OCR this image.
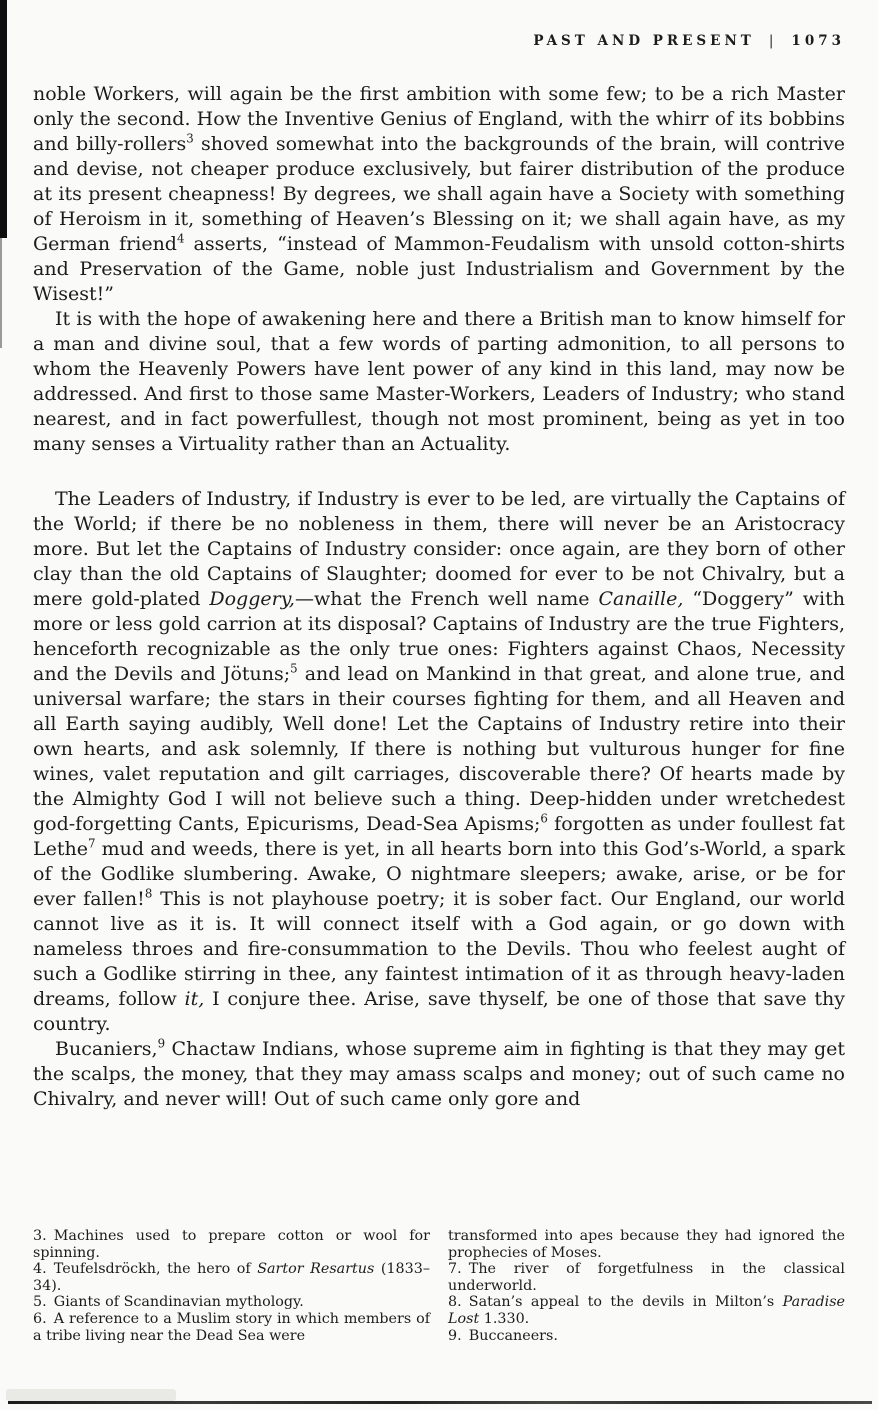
PAST AND PRESENT | 1073

noble Workers, will again be the first ambition with some few; to be a rich Master only the second. How the Inventive Genius of England, with the whirr of its bobbins and billy-rollers$^3$ shoved somewhat into the backgrounds of the brain, will contrive and devise, not cheaper produce exclusively, but fairer distribution of the produce at its present cheapness! By degrees, we shall again have a Society with something of Heroism in it, something of Heaven’s Blessing on it; we shall again have, as my German friend$^4$ asserts, “instead of Mammon-Feudalism with unsold cotton-shirts and Preservation of the Game, noble just Industrialism and Government by the Wisest!”

It is with the hope of awakening here and there a British man to know himself for a man and divine soul, that a few words of parting admonition, to all persons to whom the Heavenly Powers have lent power of any kind in this land, may now be addressed. And first to those same Master-Workers, Leaders of Industry; who stand nearest, and in fact powerfullest, though not most prominent, being as yet in too many senses a Virtuality rather than an Actuality.

The Leaders of Industry, if Industry is ever to be led, are virtually the Captains of the World; if there be no nobleness in them, there will never be an Aristocracy more. But let the Captains of Industry consider: once again, are they born of other clay than the old Captains of Slaughter; doomed for ever to be not Chivalry, but a mere gold-plated Doggery,—what the French well name Canaille, “Doggery” with more or less gold carrion at its disposal? Captains of Industry are the true Fighters, henceforth recognizable as the only true ones: Fighters against Chaos, Necessity and the Devils and Jötuns;$^5$ and lead on Mankind in that great, and alone true, and universal warfare; the stars in their courses fighting for them, and all Heaven and all Earth saying audibly, Well done! Let the Captains of Industry retire into their own hearts, and ask solemnly, If there is nothing but vulturous hunger for fine wines, valet reputation and gilt carriages, discoverable there? Of hearts made by the Almighty God I will not believe such a thing. Deep-hidden under wretchedest god-forgetting Cants, Epicurisms, Dead-Sea Apisms;$^6$ forgotten as under foullest fat Lethe$^7$ mud and weeds, there is yet, in all hearts born into this God’s-World, a spark of the Godlike slumbering. Awake, O nightmare sleepers; awake, arise, or be for ever fallen!$^8$ This is not playhouse poetry; it is sober fact. Our England, our world cannot live as it is. It will connect itself with a God again, or go down with nameless throes and fire-consummation to the Devils. Thou who feelest aught of such a Godlike stirring in thee, any faintest intimation of it as through heavy-laden dreams, follow it, I conjure thee. Arise, save thyself, be one of those that save thy country.

Bucaniers,$^9$ Chactaw Indians, whose supreme aim in fighting is that they may get the scalps, the money, that they may amass scalps and money; out of such came no Chivalry, and never will! Out of such came only gore and

3. Machines used to prepare cotton or wool for spinning.

4. Teufelsdröckh, the hero of Sartor Resartus (1833–34).

5. Giants of Scandinavian mythology.

6. A reference to a Muslim story in which members of a tribe living near the Dead Sea were

transformed into apes because they had ignored the prophecies of Moses.

7. The river of forgetfulness in the classical underworld.

8. Satan’s appeal to the devils in Milton’s Paradise Lost 1.330.

9. Buccaneers.
